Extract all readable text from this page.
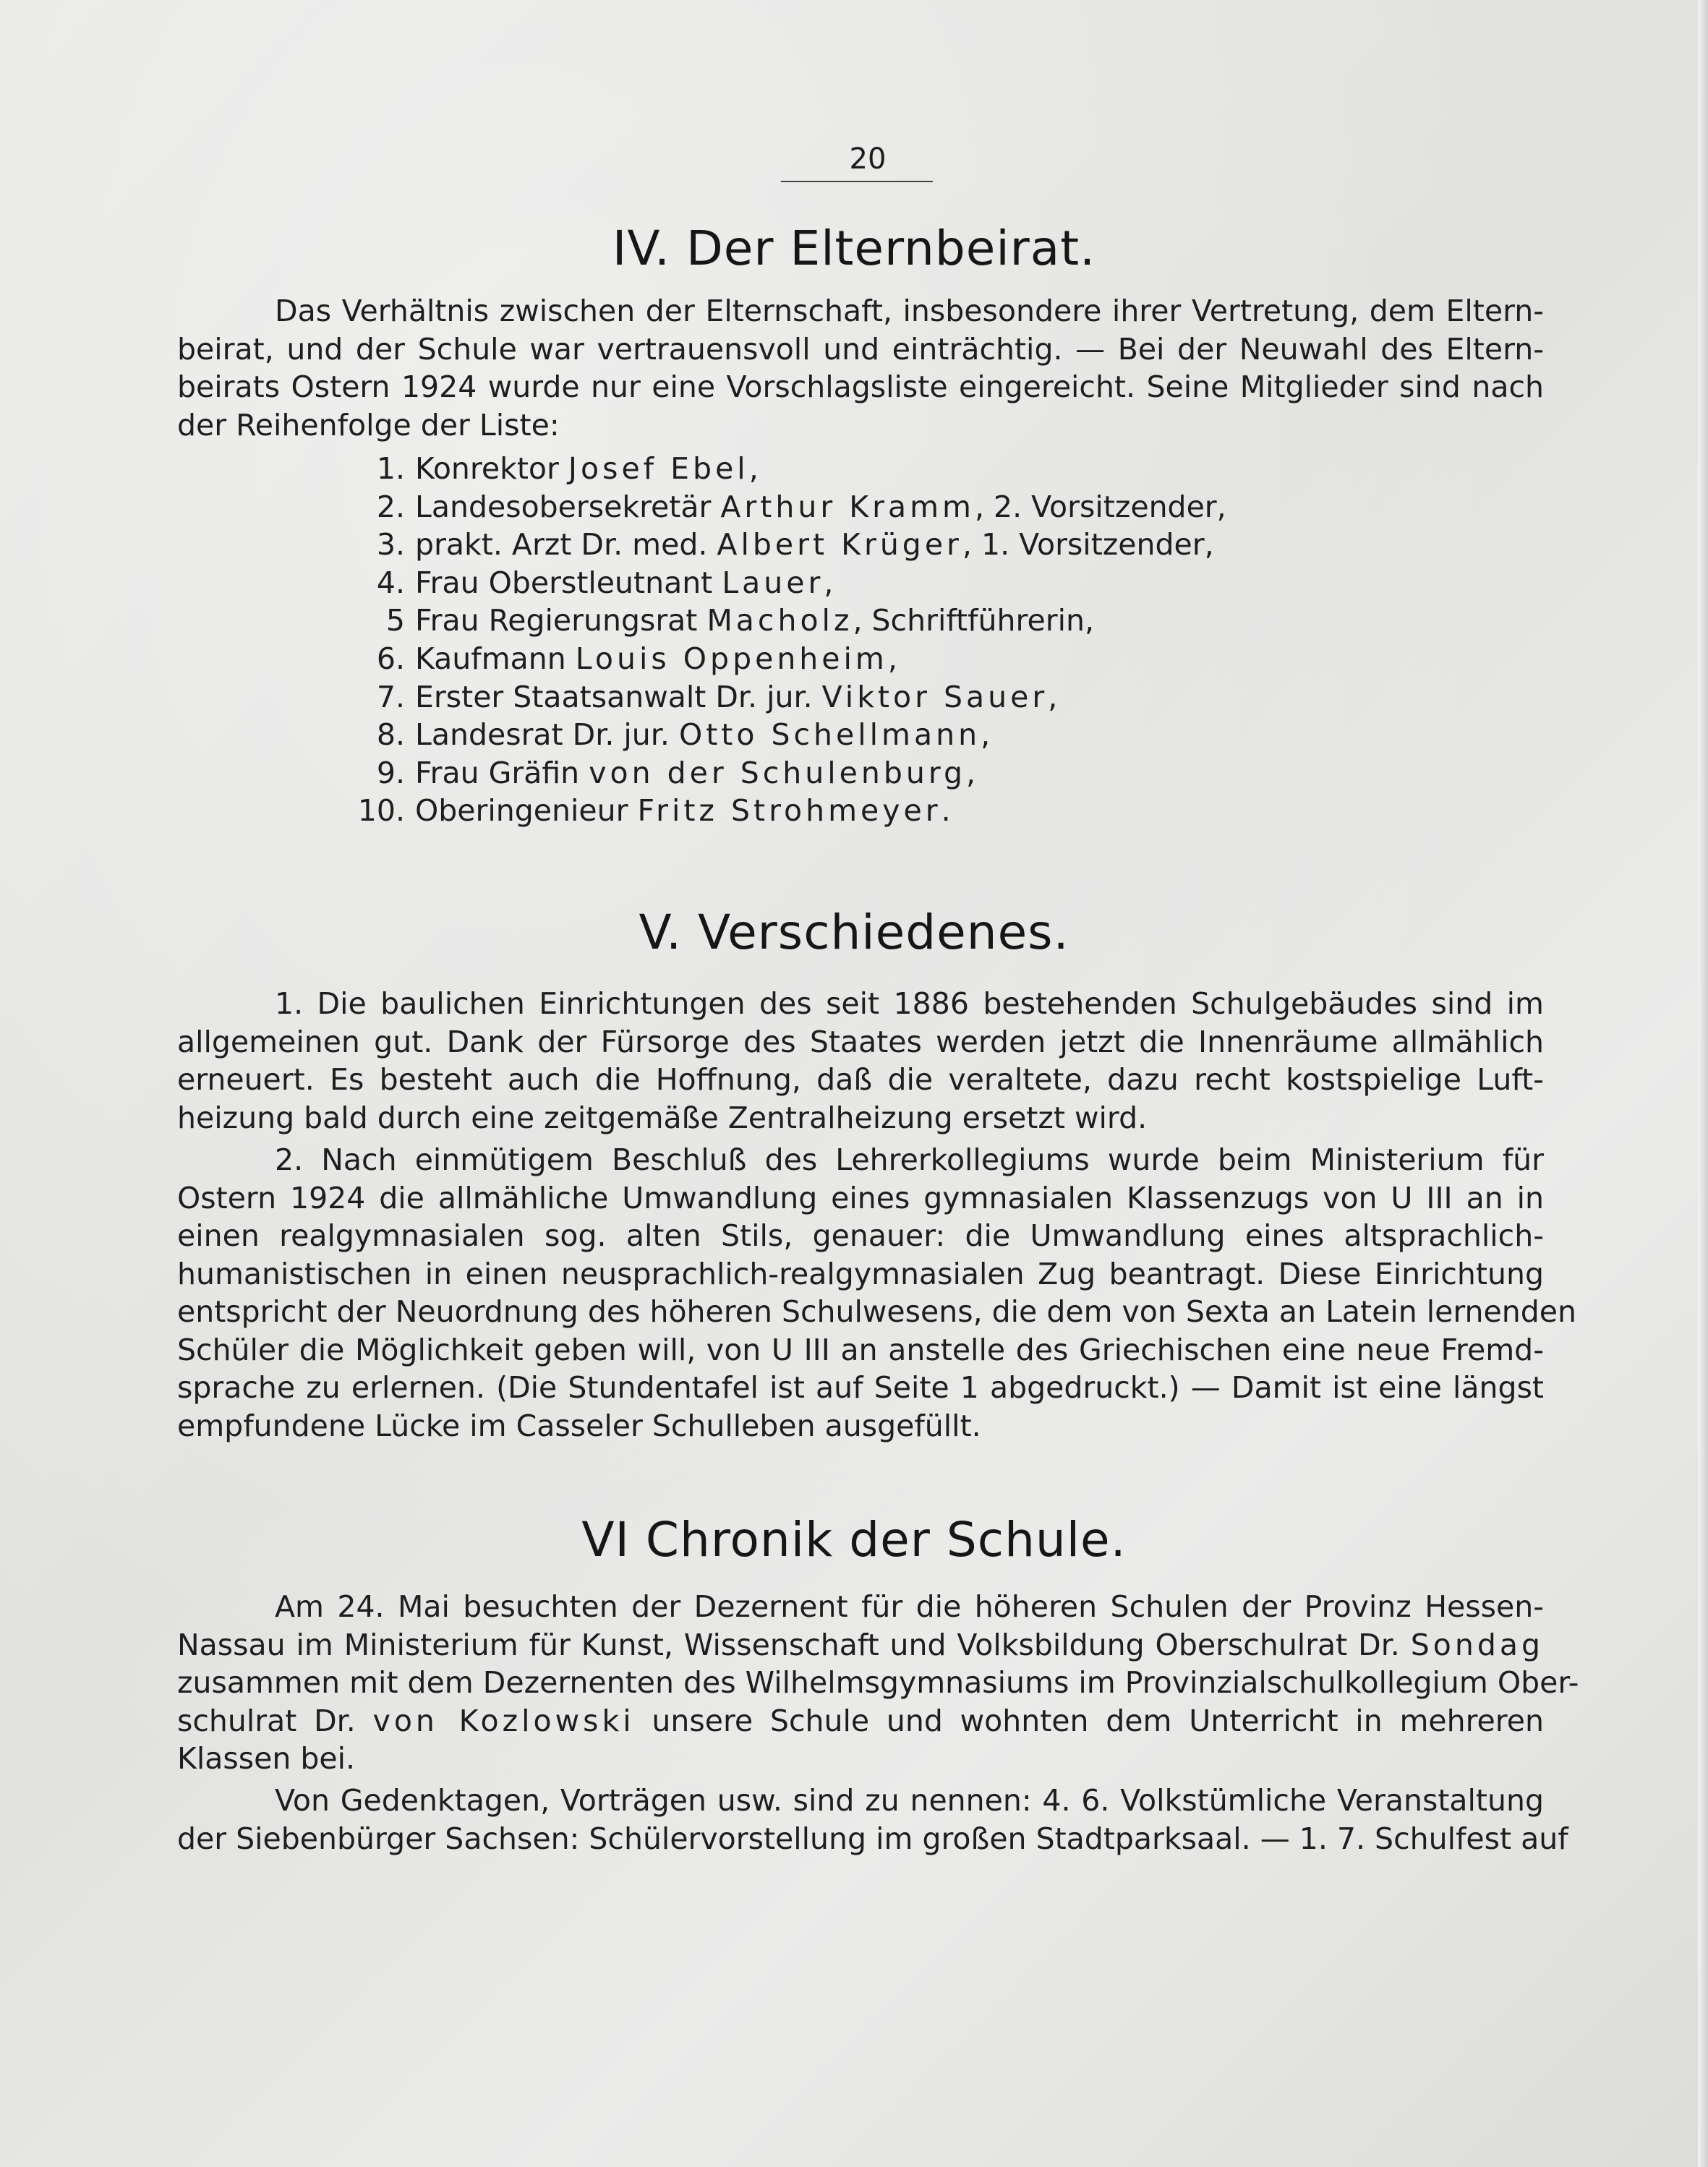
20
IV. Der Elternbeirat.
Das Verhältnis zwischen der Elternschaft, insbesondere ihrer Vertretung, dem Eltern-
beirat, und der Schule war vertrauensvoll und einträchtig. — Bei der Neuwahl des Eltern-
beirats Ostern 1924 wurde nur eine Vorschlagsliste eingereicht. Seine Mitglieder sind nach
der Reihenfolge der Liste:
1. Konrektor Josef Ebel,
2. Landesobersekretär Arthur Kramm, 2. Vorsitzender,
3. prakt. Arzt Dr. med. Albert Krüger, 1. Vorsitzender,
4. Frau Oberstleutnant Lauer,
5 Frau Regierungsrat Macholz, Schriftführerin,
6. Kaufmann Louis Oppenheim,
7. Erster Staatsanwalt Dr. jur. Viktor Sauer,
8. Landesrat Dr. jur. Otto Schellmann,
9. Frau Gräfin von der Schulenburg,
10. Oberingenieur Fritz Strohmeyer.
V. Verschiedenes.
1. Die baulichen Einrichtungen des seit 1886 bestehenden Schulgebäudes sind im
allgemeinen gut. Dank der Fürsorge des Staates werden jetzt die Innenräume allmählich
erneuert. Es besteht auch die Hoffnung, daß die veraltete, dazu recht kostspielige Luft-
heizung bald durch eine zeitgemäße Zentralheizung ersetzt wird.
2. Nach einmütigem Beschluß des Lehrerkollegiums wurde beim Ministerium für
Ostern 1924 die allmähliche Umwandlung eines gymnasialen Klassenzugs von U III an in
einen realgymnasialen sog. alten Stils, genauer: die Umwandlung eines altsprachlich-
humanistischen in einen neusprachlich-realgymnasialen Zug beantragt. Diese Einrichtung
entspricht der Neuordnung des höheren Schulwesens, die dem von Sexta an Latein lernenden
Schüler die Möglichkeit geben will, von U III an anstelle des Griechischen eine neue Fremd-
sprache zu erlernen. (Die Stundentafel ist auf Seite 1 abgedruckt.) — Damit ist eine längst
empfundene Lücke im Casseler Schulleben ausgefüllt.
VI Chronik der Schule.
Am 24. Mai besuchten der Dezernent für die höheren Schulen der Provinz Hessen-
Nassau im Ministerium für Kunst, Wissenschaft und Volksbildung Oberschulrat Dr. Sondag
zusammen mit dem Dezernenten des Wilhelmsgymnasiums im Provinzialschulkollegium Ober-
schulrat Dr. von Kozlowski unsere Schule und wohnten dem Unterricht in mehreren
Klassen bei.
Von Gedenktagen, Vorträgen usw. sind zu nennen: 4. 6. Volkstümliche Veranstaltung
der Siebenbürger Sachsen: Schülervorstellung im großen Stadtparksaal. — 1. 7. Schulfest auf
